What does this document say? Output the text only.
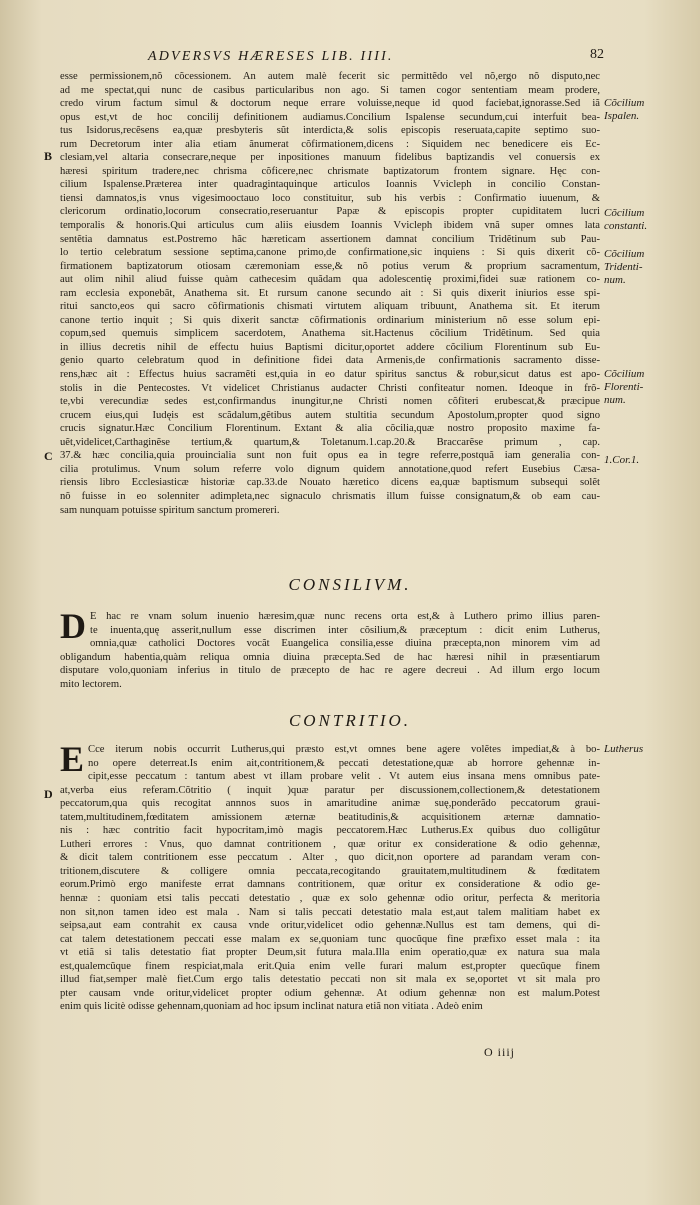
ADVERSVS HÆRESES LIB. IIII.	82

esse permissionem,nõ cõcessionem. An autem malè fecerit sic permittẽdo vel nõ,ergo nõ disputo,nec

ad me spectat,qui nunc de casibus particularibus non ago. Si tamen cogor sententiam meam prodere,

credo virum factum simul & doctorum neque errare voluisse,neque id quod faciebat,ignorasse.Sed iã

opus est,vt de hoc concilij definitionem audiamus.Concilium Ispalense secundum,cui interfuit bea-

tus Isidorus,recẽsens ea,quæ presbyteris sũt interdicta,& solis episcopis reseruata,capite septimo suo-

rum Decretorum inter alia etiam ãnumerat cõfirmationem,dicens : Siquidem nec benedicere eis Ec-

clesiam,vel altaria consecrare,neque per inpositiones manuum fidelibus baptizandis vel conuersis ex

hæresi spiritum tradere,nec chrisma cõficere,nec chrismate baptizatorum frontem signare. Hęc con-

cilium Ispalense.Præterea inter quadragintaquinque articulos Ioannis Vvicleph in concilio Constan-

tiensi damnatos,is vnus vigesimooctauo loco constituitur, sub his verbis : Confirmatio iuuenum, &

clericorum ordinatio,locorum consecratio,reseruantur Papæ & episcopis propter cupiditatem lucri

temporalis & honoris.Qui articulus cum aliis eiusdem Ioannis Vvicleph ibidem vnã super omnes lata

sentẽtia damnatus est.Postremo hãc hæreticam assertionem damnat concilium Tridẽtinum sub Pau-

lo tertio celebratum sessione septima,canone primo,de confirmatione,sic inquiens : Si quis dixerit cõ-

firmationem baptizatorum otiosam cæremoniam esse,& nõ potius verum & proprium sacramentum,

aut olim nihil aliud fuisse quàm cathecesim quãdam qua adolescentię proximi,fidei suæ rationem co-

ram ecclesia exponebãt, Anathema sit. Et rursum canone secundo ait : Si quis dixerit iniurios esse spi-

ritui sancto,eos qui sacro cõfirmationis chismati virtutem aliquam tribuunt, Anathema sit. Et iterum

canone tertio inquit ; Si quis dixerit sanctæ cõfirmationis ordinarium ministerium nõ esse solum epi-

copum,sed quemuis simplicem sacerdotem, Anathema sit.Hactenus cõcilium Tridẽtinum. Sed quia

in illius decretis nihil de effectu huius Baptismi dicitur,oportet addere cõcilium Florentinum sub Eu-

genio quarto celebratum quod in definitione fidei data Armenis,de confirmationis sacramento disse-

rens,hæc ait : Effectus huius sacramẽti est,quia in eo datur spiritus sanctus & robur,sicut datus est apo-

stolis in die Pentecostes. Vt videlicet Christianus audacter Christi confiteatur nomen. Ideoque in frõ-

te,vbi verecundiæ sedes est,confirmandus inungitur,ne Christi nomen cõfiteri erubescat,& præcipue

crucem eius,qui Iudęis est scãdalum,gẽtibus autem stultitia secundum Apostolum,propter quod signo

crucis signatur.Hæc Concilium Florentinum. Extant & alia cõcilia,quæ nostro proposito maxime fa-

uẽt,videlicet,Carthaginẽse tertium,& quartum,& Toletanum.1.cap.20.& Braccarẽse primum , cap.

37.& hæc concilia,quia prouincialia sunt non fuit opus ea in tegre referre,postquã iam generalia con-

cilia protulimus. Vnum solum referre volo dignum quidem annotatione,quod refert Eusebius Cæsa-

riensis libro Ecclesiasticæ historiæ cap.33.de Nouato hæretico dicens ea,quæ baptismum subsequi solẽt

nõ fuisse in eo solenniter adimpleta,nec signaculo chrismatis illum fuisse consignatum,& ob eam cau-

sam nunquam potuisse spiritum sanctum promereri.

CONSILIVM.
D E hac re vnam solum inuenio hæresim,quæ nunc recens orta est,& à Luthero primo illius paren-

te inuenta,quę asserit,nullum esse discrimen inter cõsilium,& præceptum : dicit enim Lutherus,

omnia,quæ catholici Doctores vocãt Euangelica consilia,esse diuina præcepta,non minorem vim ad

obligandum habentia,quàm reliqua omnia diuina præcepta.Sed de hac hæresi nihil in præsentiarum

disputare volo,quoniam inferius in titulo de præcepto de hac re agere decreui . Ad illum ergo locum

mito lectorem.

CONTRITIO.
E Cce iterum nobis occurrit Lutherus,qui præsto est,vt omnes bene agere volẽtes impediat,& à bo-

no opere deterreat.Is enim ait,contritionem,& peccati detestatione,quæ ab horrore gehennæ in-

cipit,esse peccatum : tantum abest vt illam probare velit . Vt autem eius insana mens omnibus pate-

at,verba eius referam.Cõtritio ( inquit )quæ paratur per discussionem,collectionem,& detestationem

peccatorum,qua quis recogitat annnos suos in amaritudine animæ suę,ponderãdo peccatorum graui-

tatem,multitudinem,fœditatem amissionem æternæ beatitudinis,& acquisitionem æternæ damnatio-

nis : hæc contritio facit hypocritam,imò magis peccatorem.Hæc Lutherus.Ex quibus duo colligũtur

Lutheri errores : Vnus, quo damnat contritionem , quæ oritur ex consideratione & odio gehennæ,

& dicit talem contritionem esse peccatum . Alter , quo dicit,non oportere ad parandam veram con-

tritionem,discutere & colligere omnia peccata,recogitando grauitatem,multitudinem & fœditatem

eorum.Primò ergo manifeste errat damnans contritionem, quæ oritur ex consideratione & odio ge-

hennæ : quoniam etsi talis peccati detestatio , quæ ex solo gehennæ odio oritur, perfecta & meritoria

non sit,non tamen ideo est mala . Nam si talis peccati detestatio mala est,aut talem malitiam habet ex

seipsa,aut eam contrahit ex causa vnde oritur,videlicet odio gehennæ.Nullus est tam demens, qui di-

cat talem detestationem peccati esse malam ex se,quoniam tunc quocũque fine præfixo esset mala : ita

vt etiã si talis detestatio fiat propter Deum,sit futura mala.Illa enim operatio,quæ ex natura sua mala

est,qualemcũque finem respiciat,mala erit.Quia enim velle furari malum est,propter quecũque finem

illud fiat,semper malè fiet.Cum ergo talis detestatio peccati non sit mala ex se,oportet vt sit mala pro

pter causam vnde oritur,videlicet propter odium gehennæ. At odium gehennæ non est malum.Potest

enim quis licitè odisse gehennam,quoniam ad hoc ipsum inclinat natura etiã non vitiata . Adeò enim

Cõcilium
Ispalen.
Cõcilium
constanti.
Cõcilium
Tridenti-
num.
Cõcilium
Florenti-
num.
1.Cor.1.
Lutherus
B
C
D
O iiij
